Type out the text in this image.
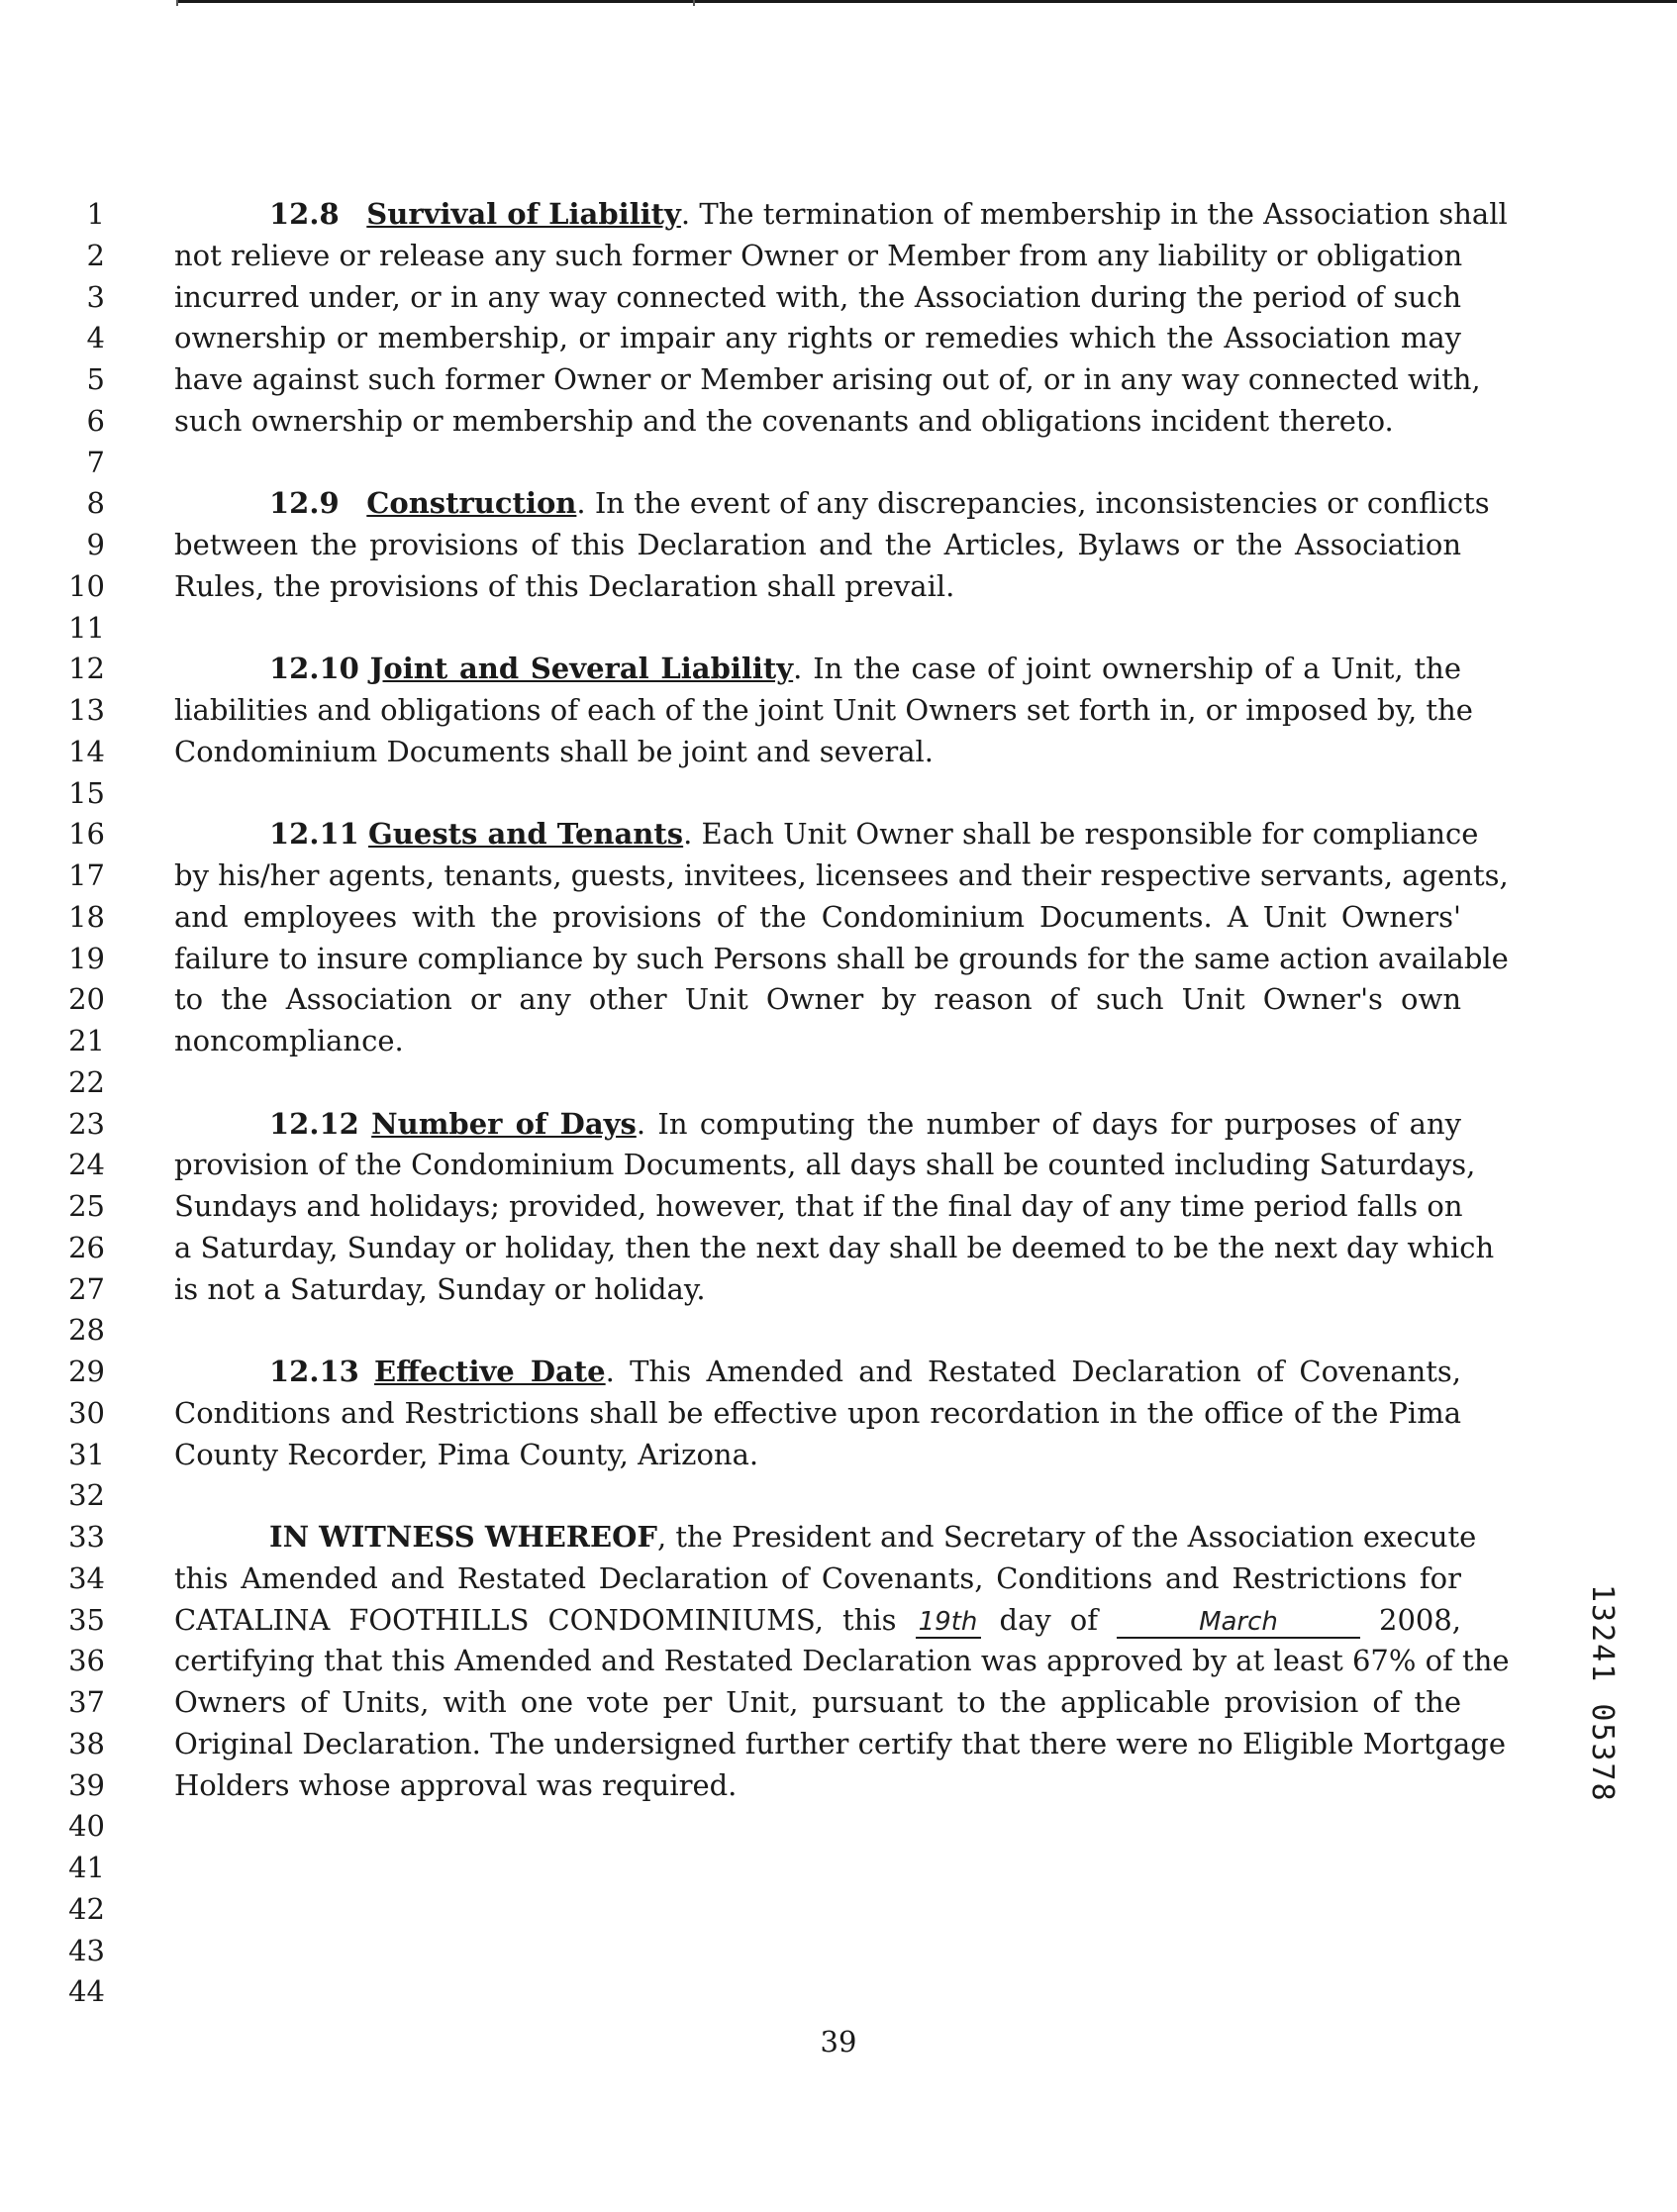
1
2
3
4
5
6
7
8
9
10
11
12
13
14
15
16
17
18
19
20
21
22
23
24
25
26
27
28
29
30
31
32
33
34
35
36
37
38
39
40
41
42
43
44
12.8 Survival of Liability. The termination of membership in the Association shall
not relieve or release any such former Owner or Member from any liability or obligation
incurred under, or in any way connected with, the Association during the period of such
ownership or membership, or impair any rights or remedies which the Association may
have against such former Owner or Member arising out of, or in any way connected with,
such ownership or membership and the covenants and obligations incident thereto.
12.9 Construction. In the event of any discrepancies, inconsistencies or conflicts
between the provisions of this Declaration and the Articles, Bylaws or the Association
Rules, the provisions of this Declaration shall prevail.
12.10 Joint and Several Liability. In the case of joint ownership of a Unit, the
liabilities and obligations of each of the joint Unit Owners set forth in, or imposed by, the
Condominium Documents shall be joint and several.
12.11 Guests and Tenants. Each Unit Owner shall be responsible for compliance
by his/her agents, tenants, guests, invitees, licensees and their respective servants, agents,
and employees with the provisions of the Condominium Documents. A Unit Owners'
failure to insure compliance by such Persons shall be grounds for the same action available
to the Association or any other Unit Owner by reason of such Unit Owner's own
noncompliance.
12.12 Number of Days. In computing the number of days for purposes of any
provision of the Condominium Documents, all days shall be counted including Saturdays,
Sundays and holidays; provided, however, that if the final day of any time period falls on
a Saturday, Sunday or holiday, then the next day shall be deemed to be the next day which
is not a Saturday, Sunday or holiday.
12.13 Effective Date. This Amended and Restated Declaration of Covenants,
Conditions and Restrictions shall be effective upon recordation in the office of the Pima
County Recorder, Pima County, Arizona.
IN WITNESS WHEREOF, the President and Secretary of the Association execute
this Amended and Restated Declaration of Covenants, Conditions and Restrictions for
CATALINA FOOTHILLS CONDOMINIUMS, this 19th day of	March	2008,
certifying that this Amended and Restated Declaration was approved by at least 67% of the
Owners of Units, with one vote per Unit, pursuant to the applicable provision of the
Original Declaration. The undersigned further certify that there were no Eligible Mortgage
Holders whose approval was required.
39
13241 05378
